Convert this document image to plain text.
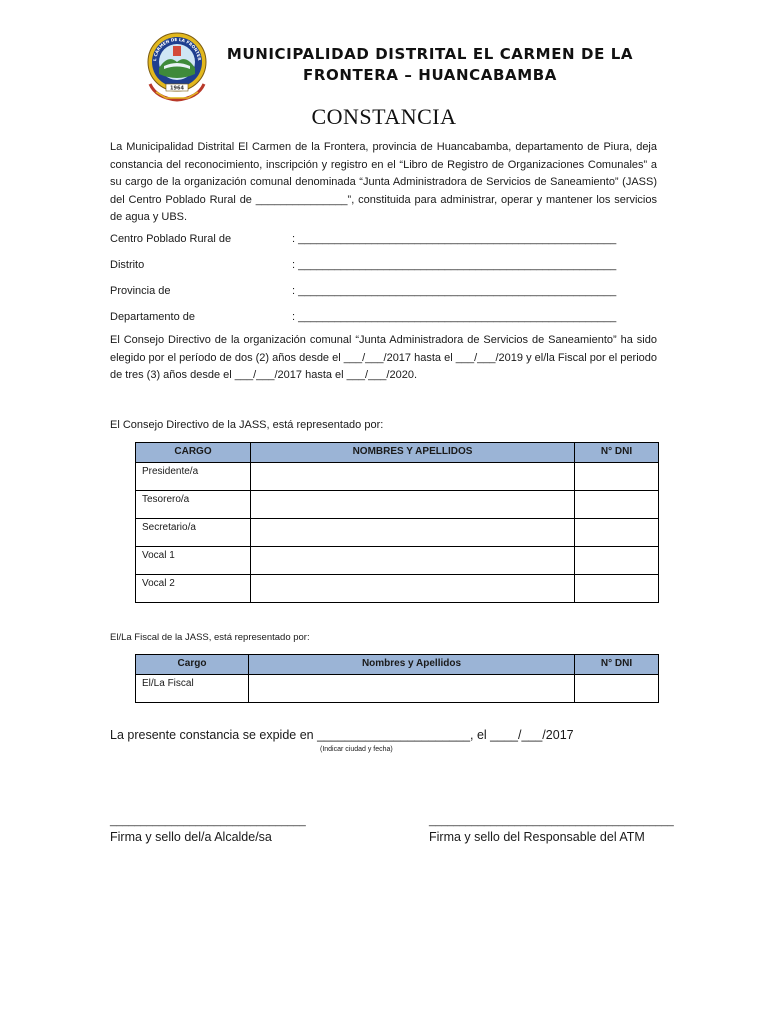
L CARMEN DE LA FRONTER
1964
MUNICIPALIDAD DISTRITAL EL CARMEN DE LA
FRONTERA – HUANCABAMBA
CONSTANCIA
La Municipalidad Distrital El Carmen de la Frontera, provincia de Huancabamba, departamento de Piura, deja constancia del reconocimiento, inscripción y registro en el “Libro de Registro de Organizaciones Comunales” a su cargo de la organización comunal denominada “Junta Administradora de Servicios de Saneamiento” (JASS) del Centro Poblado Rural de _______________”, constituida para administrar, operar y mantener los servicios de agua y UBS.
Centro Poblado Rural de	: ____________________________________________________
Distrito	: ____________________________________________________
Provincia de	: ____________________________________________________
Departamento de	: ____________________________________________________
El Consejo Directivo de la organización comunal “Junta Administradora de Servicios de Saneamiento” ha sido elegido por el período de dos (2) años desde el ___/___/2017 hasta el ___/___/2019 y el/la Fiscal por el periodo de tres (3) años desde el ___/___/2017 hasta el ___/___/2020.
El Consejo Directivo de la JASS, está representado por:
CARGO	NOMBRES Y APELLIDOS	N° DNI
Presidente/a		
Tesorero/a		
Secretario/a		
Vocal 1		
Vocal 2		
El/La Fiscal de la JASS, está representado por:
Cargo	Nombres y Apellidos	N° DNI
El/La Fiscal		
La presente constancia se expide en ______________________, el ____/___/2017
(Indicar ciudad y fecha)
________________________________
Firma y sello del/a Alcalde/sa
________________________________________
Firma y sello del Responsable del ATM
